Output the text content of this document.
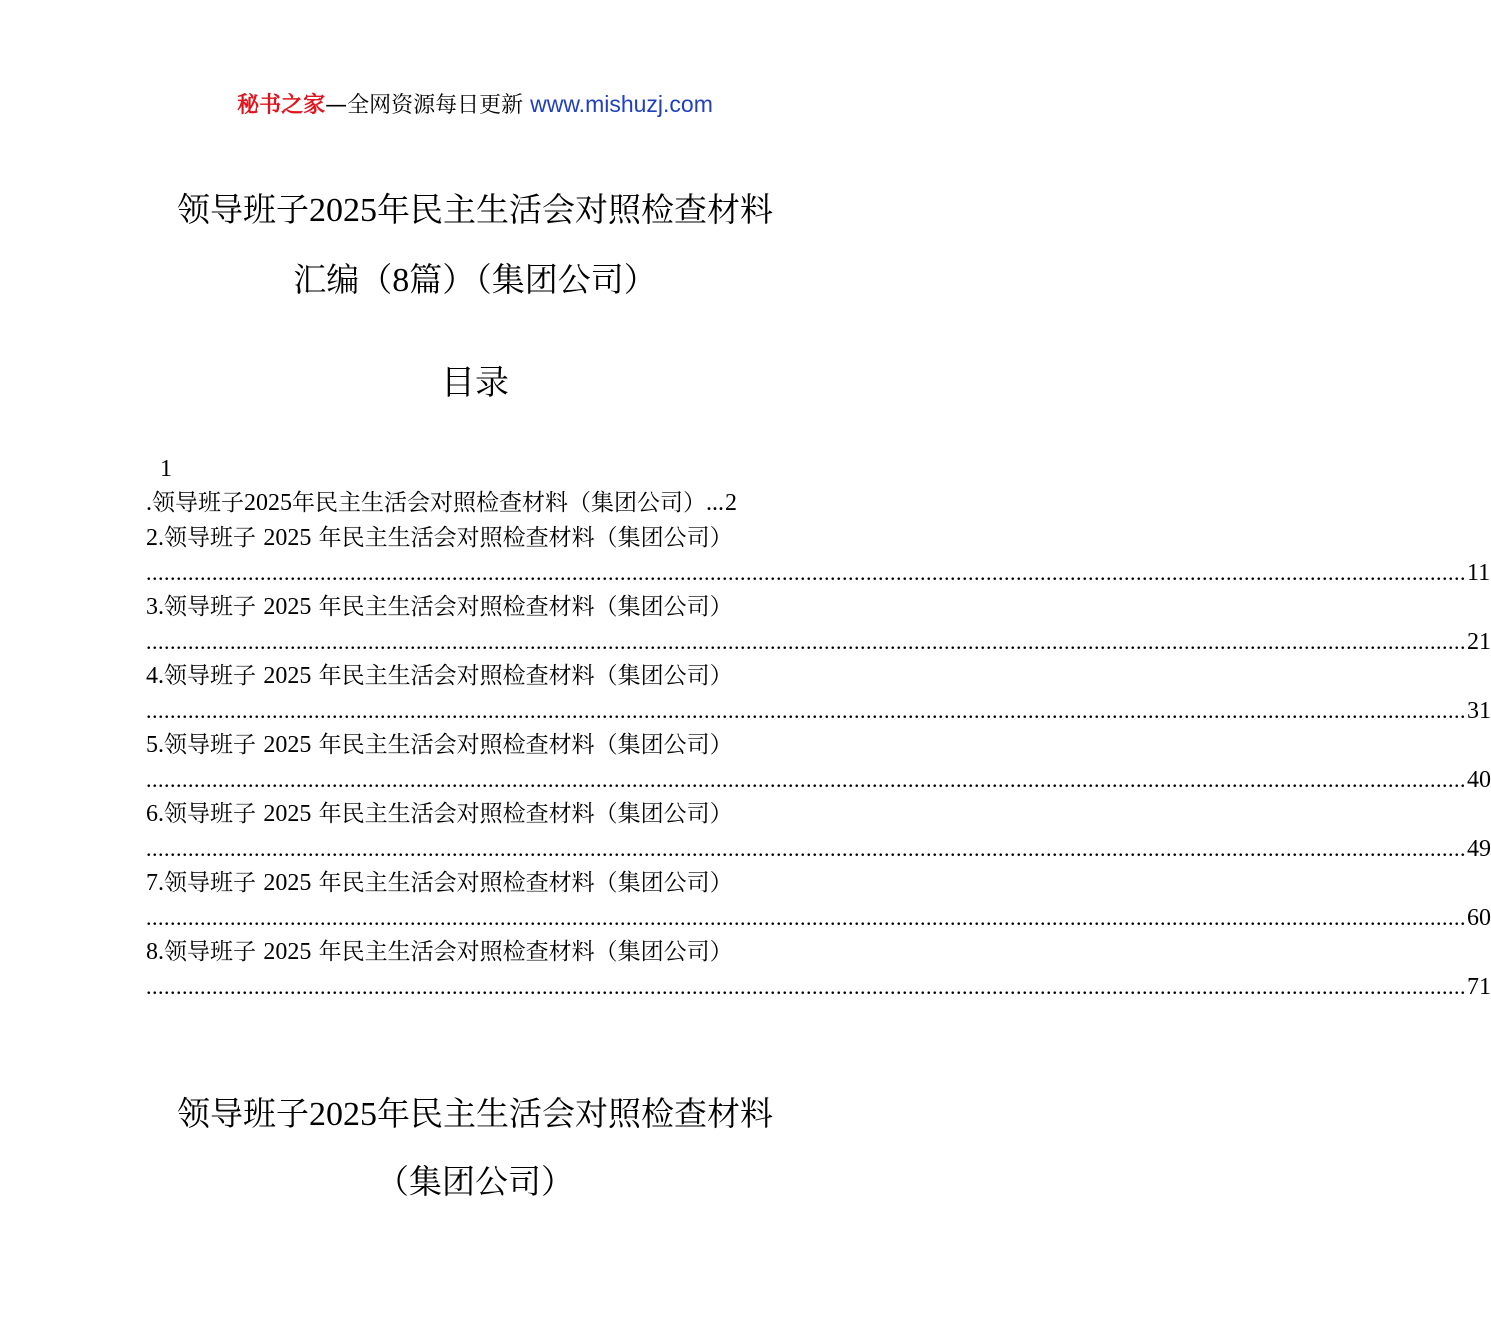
秘书之家—全网资源每日更新 www.mishuzj.com
领导班子2025年民主生活会对照检查材料
汇编（8篇）（集团公司）
目录
1
. 领导班子 2025 年民主生活会对照检查材料（集团公司） ... 2
2.领导班子 2025 年民主生活会对照检查材料（集团公司）
............................................................................................................................................................................................................................ 11
3.领导班子 2025 年民主生活会对照检查材料（集团公司）
............................................................................................................................................................................................................................ 21
4.领导班子 2025 年民主生活会对照检查材料（集团公司）
............................................................................................................................................................................................................................ 31
5.领导班子 2025 年民主生活会对照检查材料（集团公司）
............................................................................................................................................................................................................................ 40
6.领导班子 2025 年民主生活会对照检查材料（集团公司）
............................................................................................................................................................................................................................ 49
7.领导班子 2025 年民主生活会对照检查材料（集团公司）
............................................................................................................................................................................................................................ 60
8.领导班子 2025 年民主生活会对照检查材料（集团公司）
............................................................................................................................................................................................................................ 71
领导班子2025年民主生活会对照检查材料
（集团公司）
